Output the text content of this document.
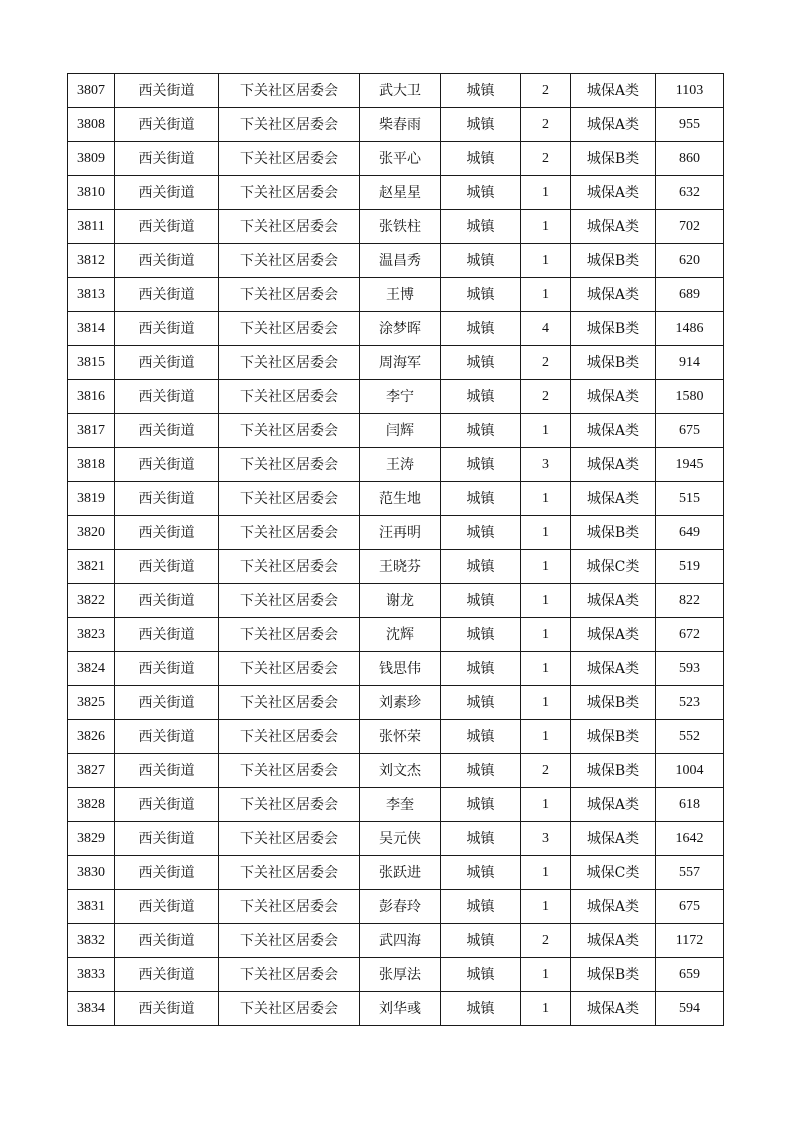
3807	西关街道	下关社区居委会	武大卫	城镇	2	城保A类	1103
3808	西关街道	下关社区居委会	柴春雨	城镇	2	城保A类	955
3809	西关街道	下关社区居委会	张平心	城镇	2	城保B类	860
3810	西关街道	下关社区居委会	赵星星	城镇	1	城保A类	632
3811	西关街道	下关社区居委会	张铁柱	城镇	1	城保A类	702
3812	西关街道	下关社区居委会	温昌秀	城镇	1	城保B类	620
3813	西关街道	下关社区居委会	王博	城镇	1	城保A类	689
3814	西关街道	下关社区居委会	涂梦晖	城镇	4	城保B类	1486
3815	西关街道	下关社区居委会	周海军	城镇	2	城保B类	914
3816	西关街道	下关社区居委会	李宁	城镇	2	城保A类	1580
3817	西关街道	下关社区居委会	闫辉	城镇	1	城保A类	675
3818	西关街道	下关社区居委会	王涛	城镇	3	城保A类	1945
3819	西关街道	下关社区居委会	范生地	城镇	1	城保A类	515
3820	西关街道	下关社区居委会	汪再明	城镇	1	城保B类	649
3821	西关街道	下关社区居委会	王晓芬	城镇	1	城保C类	519
3822	西关街道	下关社区居委会	谢龙	城镇	1	城保A类	822
3823	西关街道	下关社区居委会	沈辉	城镇	1	城保A类	672
3824	西关街道	下关社区居委会	钱思伟	城镇	1	城保A类	593
3825	西关街道	下关社区居委会	刘素珍	城镇	1	城保B类	523
3826	西关街道	下关社区居委会	张怀荣	城镇	1	城保B类	552
3827	西关街道	下关社区居委会	刘文杰	城镇	2	城保B类	1004
3828	西关街道	下关社区居委会	李奎	城镇	1	城保A类	618
3829	西关街道	下关社区居委会	吴元侠	城镇	3	城保A类	1642
3830	西关街道	下关社区居委会	张跃进	城镇	1	城保C类	557
3831	西关街道	下关社区居委会	彭春玲	城镇	1	城保A类	675
3832	西关街道	下关社区居委会	武四海	城镇	2	城保A类	1172
3833	西关街道	下关社区居委会	张厚法	城镇	1	城保B类	659
3834	西关街道	下关社区居委会	刘华彧	城镇	1	城保A类	594
